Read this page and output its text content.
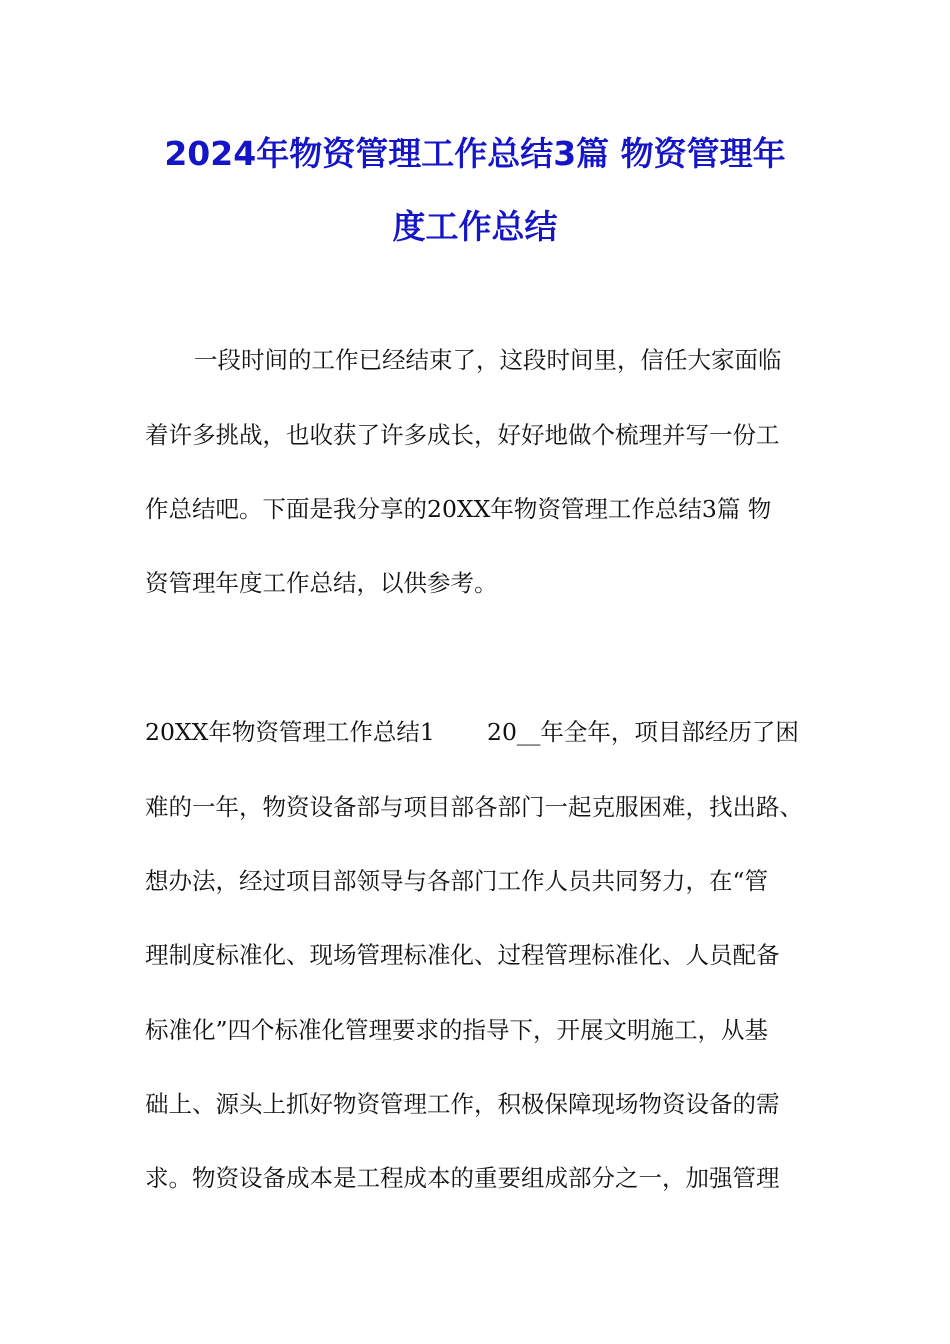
2024年物资管理工作总结3篇 物资管理年
度工作总结
一段时间的工作已经结束了，这段时间里，信任大家面临
着许多挑战，也收获了许多成长，好好地做个梳理并写一份工
作总结吧。下面是我分享的20XX年物资管理工作总结3篇 物
资管理年度工作总结，以供参考。
20XX年物资管理工作总结1 20__年全年，项目部经历了困
难的一年，物资设备部与项目部各部门一起克服困难，找出路、
想办法，经过项目部领导与各部门工作人员共同努力，在“管
理制度标准化、现场管理标准化、过程管理标准化、人员配备
标准化”四个标准化管理要求的指导下，开展文明施工，从基
础上、源头上抓好物资管理工作，积极保障现场物资设备的需
求。物资设备成本是工程成本的重要组成部分之一，加强管理
